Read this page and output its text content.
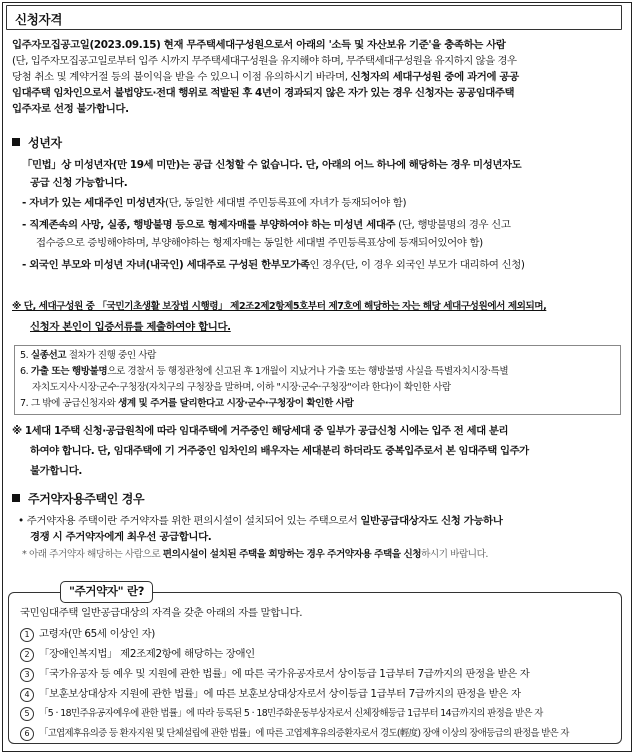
신청자격
입주자모집공고일(2023.09.15) 현재 무주택세대구성원으로서 아래의 '소득 및 자산보유 기준'을 충족하는 사람
(단, 입주자모집공고일로부터 입주 시까지 무주택세대구성원을 유지해야 하며, 무주택세대구성원을 유지하지 않을 경우
당첨 취소 및 계약거절 등의 불이익을 받을 수 있으니 이점 유의하시기 바라며, 신청자의 세대구성원 중에 과거에 공공
임대주택 임차인으로서 불법양도·전대 행위로 적발된 후 4년이 경과되지 않은 자가 있는 경우 신청자는 공공임대주택
입주자로 선정 불가합니다.
성년자
「민법」상 미성년자(만 19세 미만)는 공급 신청할 수 없습니다. 단, 아래의 어느 하나에 해당하는 경우 미성년자도
공급 신청 가능합니다.
- 자녀가 있는 세대주인 미성년자(단, 동일한 세대별 주민등록표에 자녀가 등재되어야 함)
- 직계존속의 사망, 실종, 행방불명 등으로 형제자매를 부양하여야 하는 미성년 세대주 (단, 행방불명의 경우 신고
접수증으로 증빙해야하며, 부양해야하는 형제자매는 동일한 세대별 주민등록표상에 등재되어있어야 함)
- 외국인 부모와 미성년 자녀(내국인) 세대주로 구성된 한부모가족인 경우(단, 이 경우 외국인 부모가 대리하여 신청)
※ 단, 세대구성원 중 「국민기초생활 보장법 시행령」 제2조2제2항제5호부터 제7호에 해당하는 자는 해당 세대구성원에서 제외되며,
신청자 본인이 입증서류를 제출하여야 합니다.
5. 실종선고 절차가 진행 중인 사람
6. 가출 또는 행방불명으로 경찰서 등 행정관청에 신고된 후 1개월이 지났거나 가출 또는 행방불명 사실을 특별자치시장·특별
자치도지사·시장·군수·구청장(자치구의 구청장을 말하며, 이하 "시장·군수·구청장"이라 한다)이 확인한 사람
7. 그 밖에 공급신청자와 생계 및 주거를 달리한다고 시장·군수·구청장이 확인한 사람
※ 1세대 1주택 신청·공급원칙에 따라 임대주택에 거주중인 해당세대 중 일부가 공급신청 시에는 입주 전 세대 분리
하여야 합니다. 단, 임대주택에 기 거주중인 임차인의 배우자는 세대분리 하더라도 중복입주로서 본 임대주택 입주가
불가합니다.
주거약자용주택인 경우
• 주거약자용 주택이란 주거약자를 위한 편의시설이 설치되어 있는 주택으로서 일반공급대상자도 신청 가능하나
경쟁 시 주거약자에게 최우선 공급합니다.
* 아래 주거약자 해당하는 사람으로 편의시설이 설치된 주택을 희망하는 경우 주거약자용 주택을 신청하시기 바랍니다.
"주거약자" 란?
국민임대주택 일반공급대상의 자격을 갖춘 아래의 자를 말합니다.
1 고령자(만 65세 이상인 자)
2 「장애인복지법」 제2조제2항에 해당하는 장애인
3 「국가유공자 등 예우 및 지원에 관한 법률」에 따른 국가유공자로서 상이등급 1급부터 7급까지의 판정을 받은 자
4 「보훈보상대상자 지원에 관한 법률」에 따른 보훈보상대상자로서 상이등급 1급부터 7급까지의 판정을 받은 자
5 「5 · 18민주유공자예우에 관한 법률」에 따라 등록된 5 · 18민주화운동부상자로서 신체장해등급 1급부터 14급까지의 판정을 받은 자
6 「고엽제후유의증 등 환자지원 및 단체설립에 관한 법률」에 따른 고엽제후유의증환자로서 경도(輕度) 장애 이상의 장애등급의 판정을 받은 자
